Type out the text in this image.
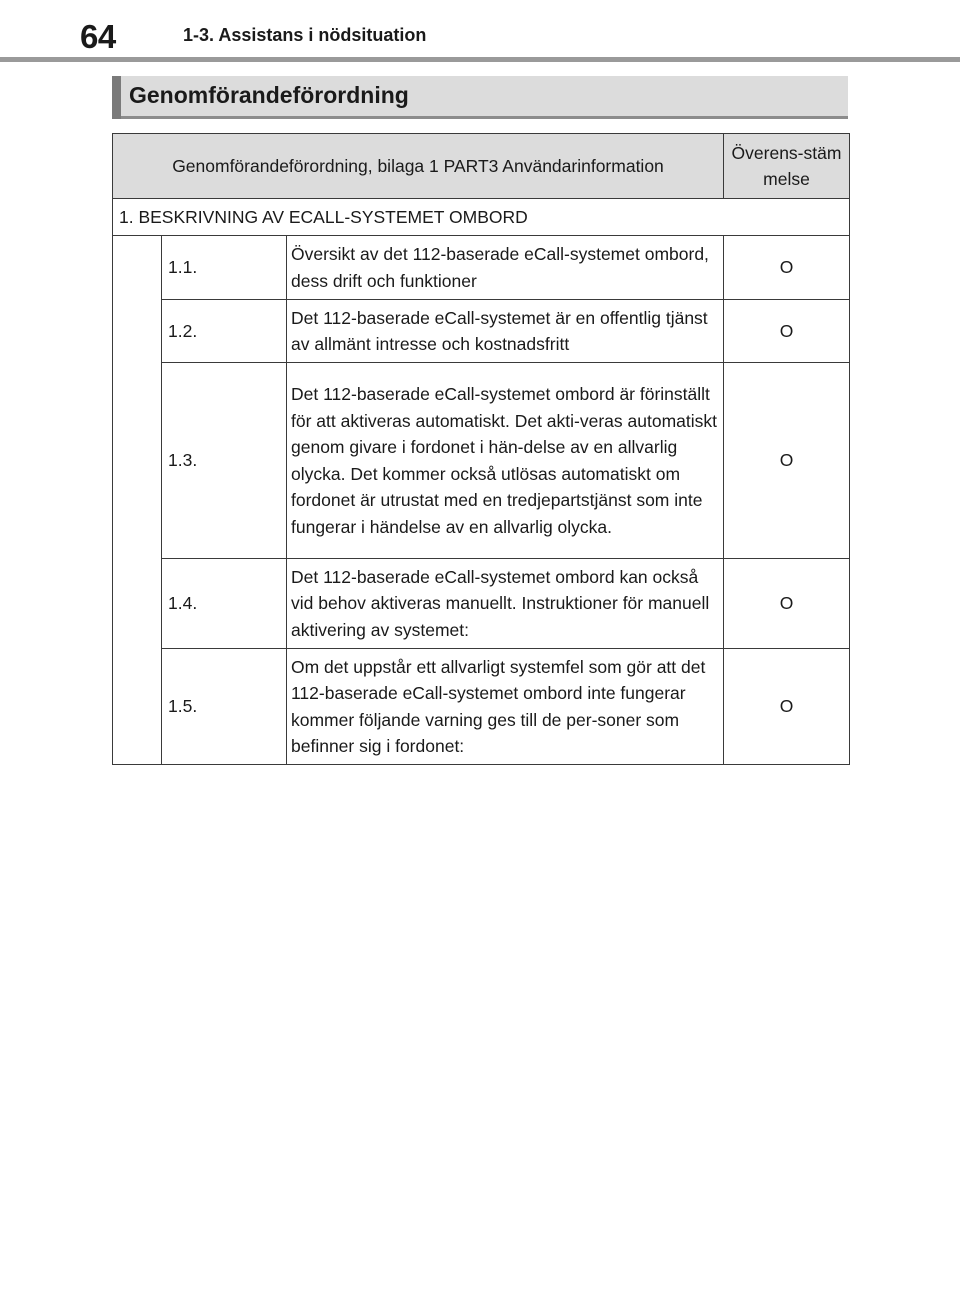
64	1-3. Assistans i nödsituation
Genomförandeförordning
Genomförandeförordning, bilaga 1 PART3 Användarinformation			Överens-stämmelse
1. BESKRIVNING AV ECALL-SYSTEMET OMBORD			
	1.1.	Översikt av det 112-baserade eCall-systemet ombord, dess drift och funktioner	O
	1.2.	Det 112-baserade eCall-systemet är en offentlig tjänst av allmänt intresse och kostnadsfritt	O
	1.3.	Det 112-baserade eCall-systemet ombord är förinställt för att aktiveras automatiskt. Det akti-veras automatiskt genom givare i fordonet i hän-delse av en allvarlig olycka. Det kommer också utlösas automatiskt om fordonet är utrustat med en tredjepartstjänst som inte fungerar i händelse av en allvarlig olycka.	O
	1.4.	Det 112-baserade eCall-systemet ombord kan också vid behov aktiveras manuellt. Instruktioner för manuell aktivering av systemet:	O
	1.5.	Om det uppstår ett allvarligt systemfel som gör att det 112-baserade eCall-systemet ombord inte fungerar kommer följande varning ges till de per-soner som befinner sig i fordonet:	O
